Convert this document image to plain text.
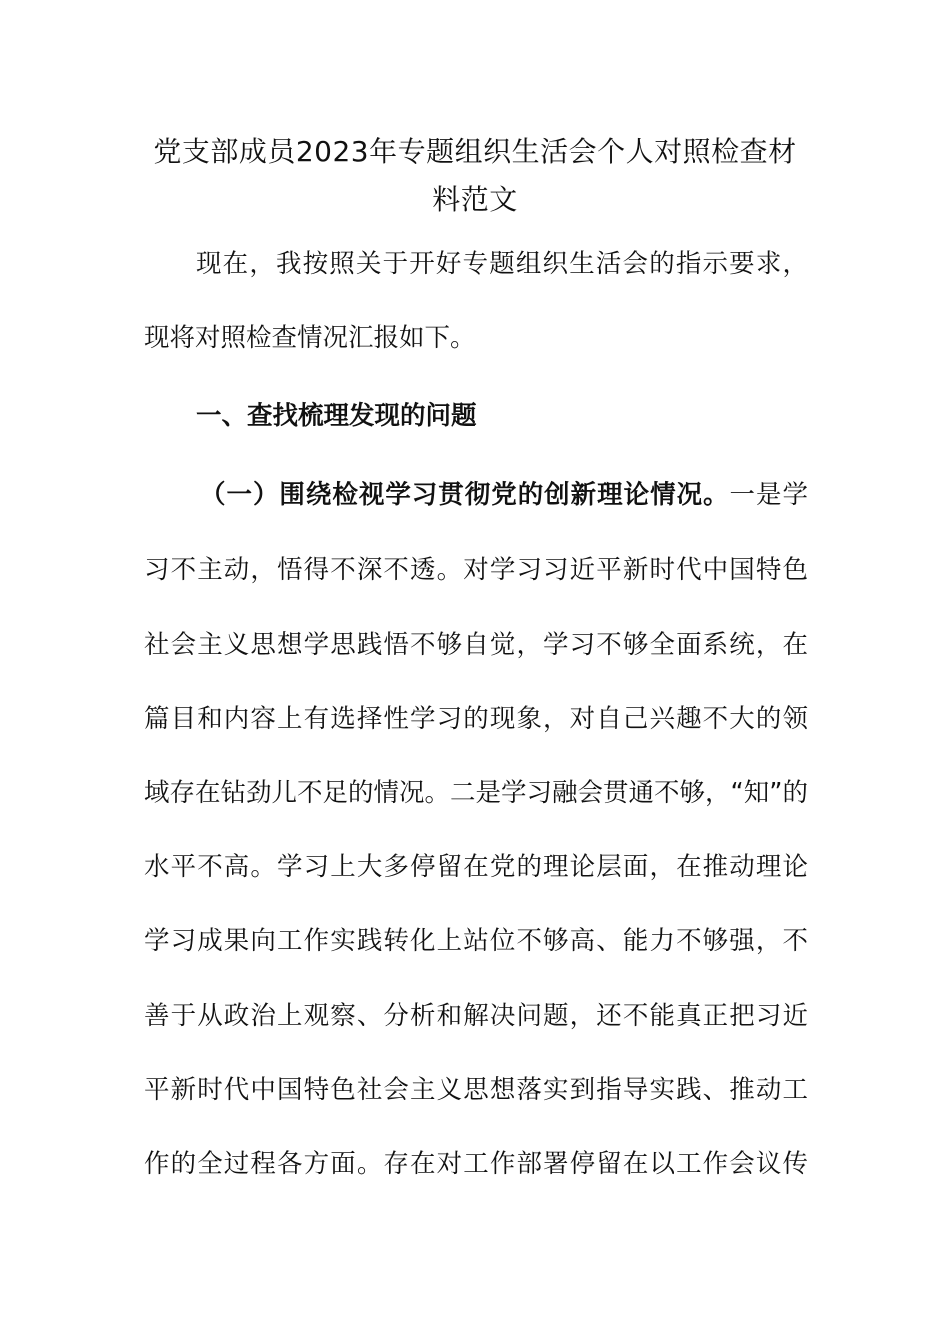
党支部成员2023年专题组织生活会个人对照检查材料范文
现在，我按照关于开好专题组织生活会的指示要求，
现将对照检查情况汇报如下。
一、查找梳理发现的问题
（一）围绕检视学习贯彻党的创新理论情况。一是学
习不主动，悟得不深不透。对学习习近平新时代中国特色
社会主义思想学思践悟不够自觉，学习不够全面系统，在
篇目和内容上有选择性学习的现象，对自己兴趣不大的领
域存在钻劲儿不足的情况。二是学习融会贯通不够，“知”的
水平不高。学习上大多停留在党的理论层面，在推动理论
学习成果向工作实践转化上站位不够高、能力不够强，不
善于从政治上观察、分析和解决问题，还不能真正把习近
平新时代中国特色社会主义思想落实到指导实践、推动工
作的全过程各方面。存在对工作部署停留在以工作会议传
